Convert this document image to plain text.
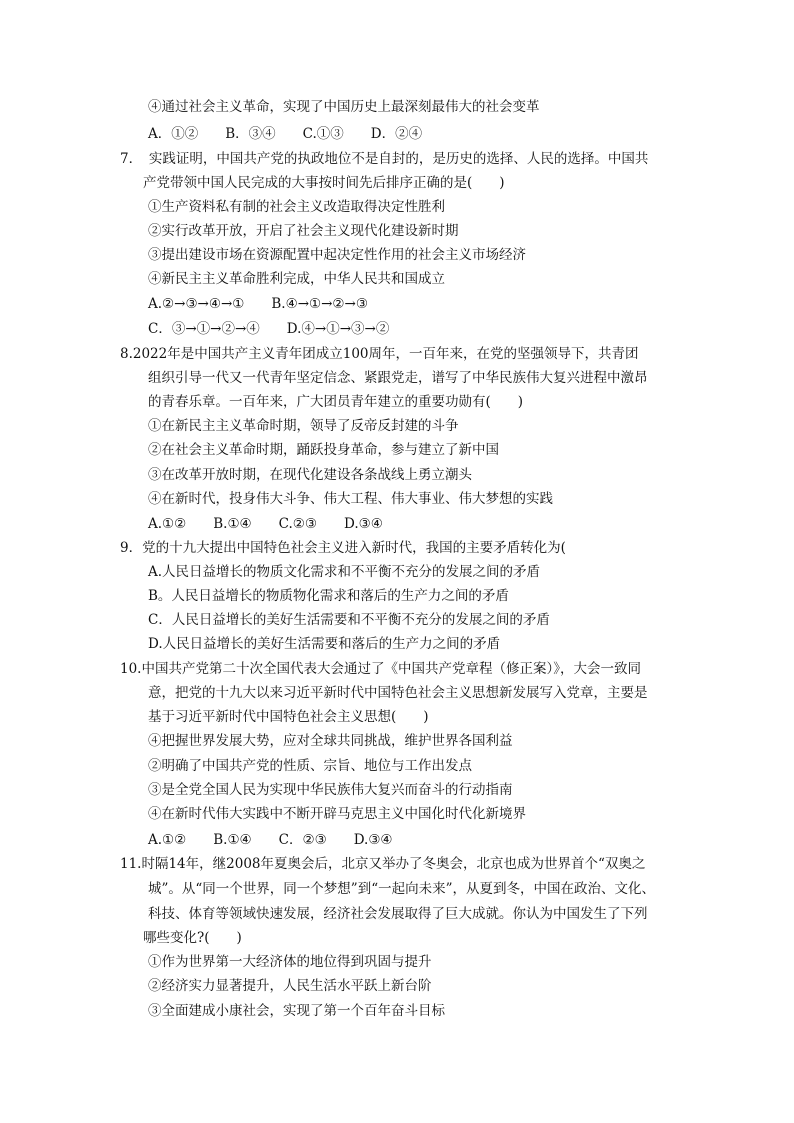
④通过社会主义革命，实现了中国历史上最深刻最伟大的社会变革
A．①②　　B．③④　　C.①③　　D．②④
7．　实践证明，中国共产党的执政地位不是自封的，是历史的选择、人民的选择。中国共
产党带领中国人民完成的大事按时间先后排序正确的是(　　)
①生产资料私有制的社会主义改造取得决定性胜利
②实行改革开放，开启了社会主义现代化建设新时期
③提出建设市场在资源配置中起决定性作用的社会主义市场经济
④新民主主义革命胜利完成，中华人民共和国成立
A.②→③→④→①　　B.④→①→②→③
C．③→①→②→④　　D.④→①→③→②
8.2022年是中国共产主义青年团成立100周年，一百年来，在党的坚强领导下，共青团
组织引导一代又一代青年坚定信念、紧跟党走，谱写了中华民族伟大复兴进程中激昂
的青春乐章。一百年来，广大团员青年建立的重要功勋有(　　)
①在新民主主义革命时期，领导了反帝反封建的斗争
②在社会主义革命时期，踊跃投身革命，参与建立了新中国
③在改革开放时期，在现代化建设各条战线上勇立潮头
④在新时代，投身伟大斗争、伟大工程、伟大事业、伟大梦想的实践
A.①②　　B.①④　　C.②③　　D.③④
9．党的十九大提出中国特色社会主义进入新时代，我国的主要矛盾转化为(
A.人民日益增长的物质文化需求和不平衡不充分的发展之间的矛盾
B。人民日益增长的物质物化需求和落后的生产力之间的矛盾
C．人民日益增长的美好生活需要和不平衡不充分的发展之间的矛盾
D.人民日益增长的美好生活需要和落后的生产力之间的矛盾
10.中国共产党第二十次全国代表大会通过了《中国共产党章程（修正案）》，大会一致同
意，把党的十九大以来习近平新时代中国特色社会主义思想新发展写入党章，主要是
基于习近平新时代中国特色社会主义思想(　　)
④把握世界发展大势，应对全球共同挑战，维护世界各国利益
②明确了中国共产党的性质、宗旨、地位与工作出发点
③是全党全国人民为实现中华民族伟大复兴而奋斗的行动指南
④在新时代伟大实践中不断开辟马克思主义中国化时代化新境界
A.①②　　B.①④　　C．②③　　D.③④
11.时隔14年，继2008年夏奥会后，北京又举办了冬奥会，北京也成为世界首个“双奥之
城”。从“同一个世界，同一个梦想”到“一起向未来”，从夏到冬，中国在政治、文化、
科技、体育等领域快速发展，经济社会发展取得了巨大成就。你认为中国发生了下列
哪些变化?(　　)
①作为世界第一大经济体的地位得到巩固与提升
②经济实力显著提升，人民生活水平跃上新台阶
③全面建成小康社会，实现了第一个百年奋斗目标
